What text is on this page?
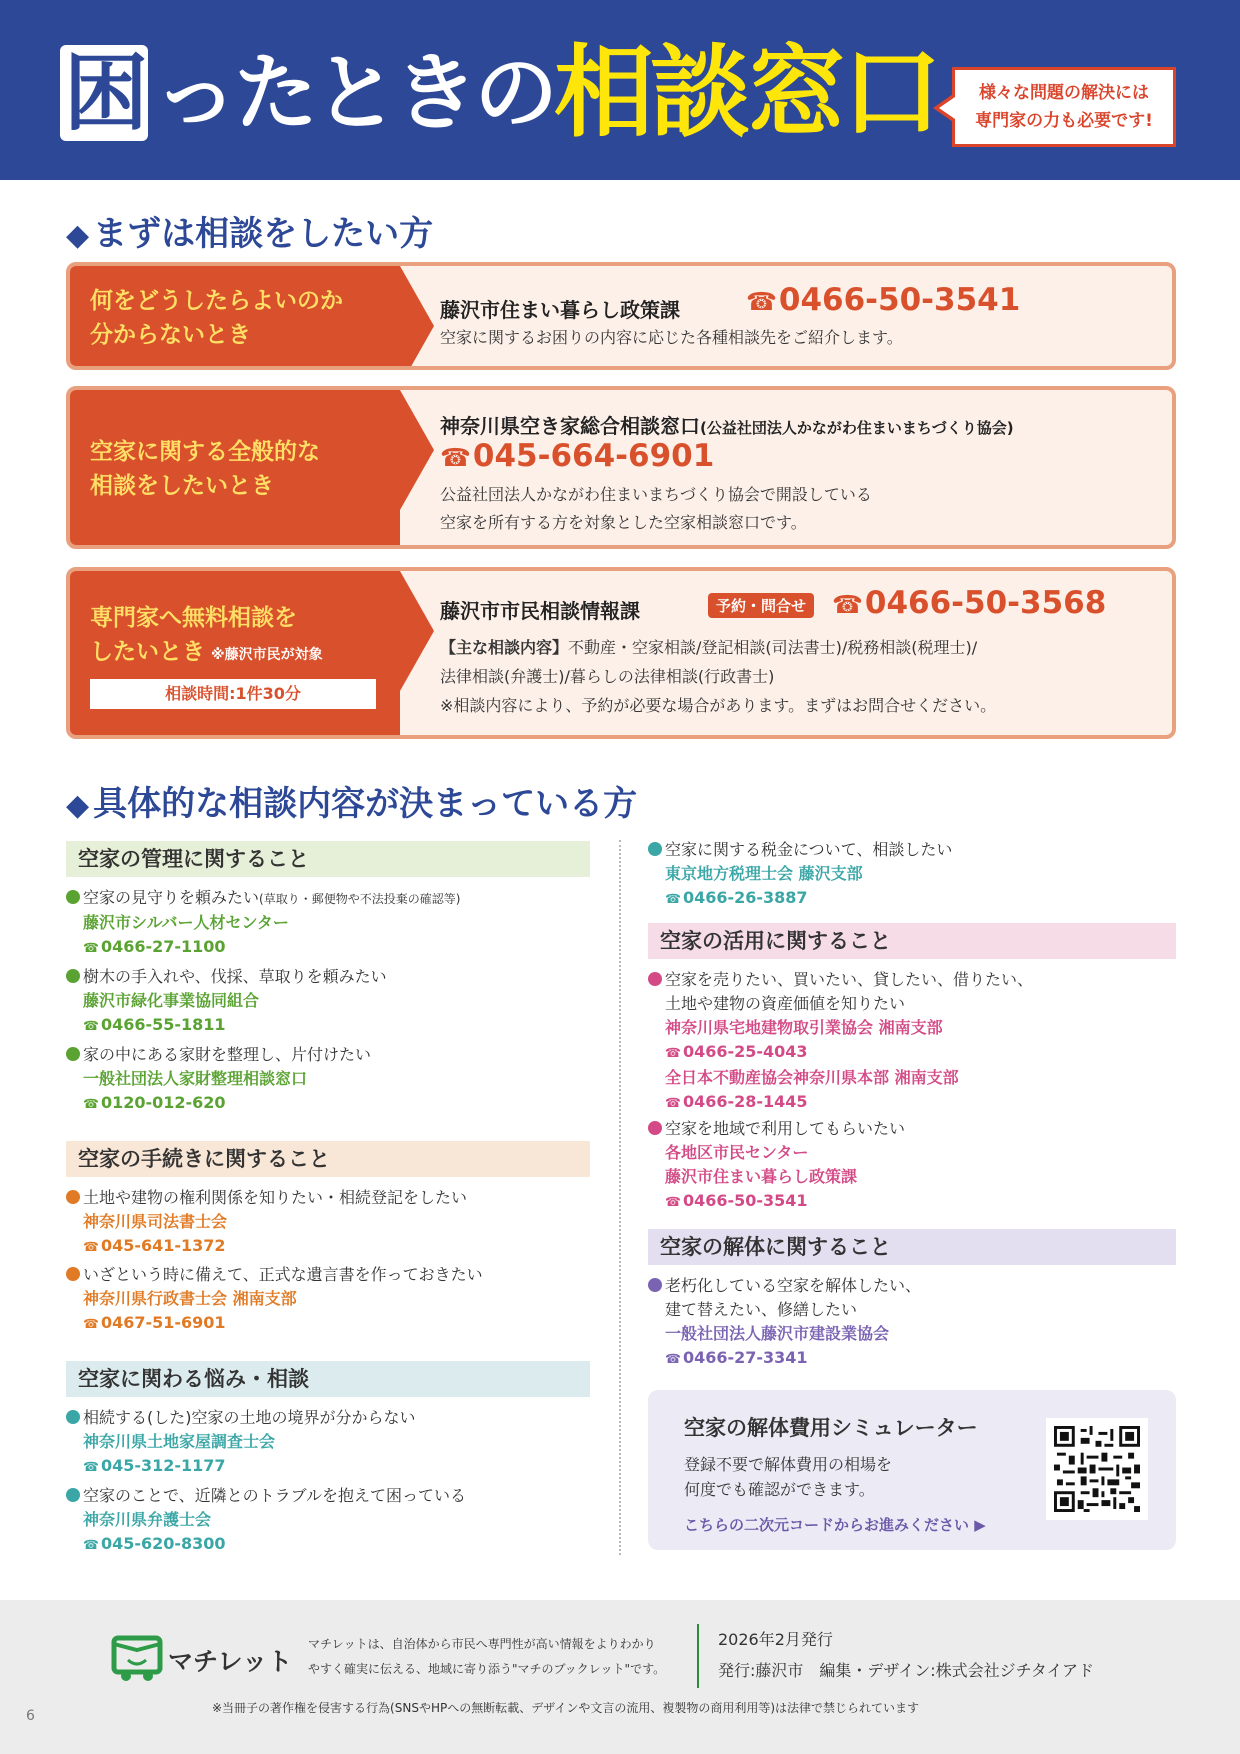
困 $^{ったときの}$相談窓口	様々な問題の解決には
専門家の力も必要です!
◆ まずは相談をしたい方
何をどうしたらよいのか
分からないとき
藤沢市住まい暮らし政策課	☎0466-50-3541
空家に関するお困りの内容に応じた各種相談先をご紹介します。
空家に関する全般的な
相談をしたいとき
神奈川県空き家総合相談窓口(公益社団法人かながわ住まいまちづくり協会)
☎045-664-6901
公益社団法人かながわ住まいまちづくり協会で開設している
空家を所有する方を対象とした空家相談窓口です。
専門家へ無料相談を
したいとき ※藤沢市民が対象
相談時間:1件30分
藤沢市市民相談情報課	予約・問合せ	☎0466-50-3568
【主な相談内容】不動産・空家相談/登記相談(司法書士)/税務相談(税理士)/
法律相談(弁護士)/暮らしの法律相談(行政書士)
※相談内容により、予約が必要な場合があります。まずはお問合せください。
◆ 具体的な相談内容が決まっている方
空家の管理に関すること
空家の見守りを頼みたい(草取り・郵便物や不法投棄の確認等)
藤沢市シルバー人材センター
☎ 0466-27-1100
樹木の手入れや、伐採、草取りを頼みたい
藤沢市緑化事業協同組合
☎ 0466-55-1811
家の中にある家財を整理し、片付けたい
一般社団法人家財整理相談窓口
☎ 0120-012-620
空家の手続きに関すること
土地や建物の権利関係を知りたい・相続登記をしたい
神奈川県司法書士会
☎ 045-641-1372
いざという時に備えて、正式な遺言書を作っておきたい
神奈川県行政書士会 湘南支部
☎ 0467-51-6901
空家に関わる悩み・相談
相続する(した)空家の土地の境界が分からない
神奈川県土地家屋調査士会
☎ 045-312-1177
空家のことで、近隣とのトラブルを抱えて困っている
神奈川県弁護士会
☎ 045-620-8300
空家に関する税金について、相談したい
東京地方税理士会 藤沢支部
☎ 0466-26-3887
空家の活用に関すること
空家を売りたい、買いたい、貸したい、借りたい、
土地や建物の資産価値を知りたい
神奈川県宅地建物取引業協会 湘南支部
☎ 0466-25-4043
全日本不動産協会神奈川県本部 湘南支部
☎ 0466-28-1445
空家を地域で利用してもらいたい
各地区市民センター
藤沢市住まい暮らし政策課
☎ 0466-50-3541
空家の解体に関すること
老朽化している空家を解体したい、
建て替えたい、修繕したい
一般社団法人藤沢市建設業協会
☎ 0466-27-3341
空家の解体費用シミュレーター
登録不要で解体費用の相場を
何度でも確認ができます。
こちらの二次元コードからお進みください ▶
マチレット
マチレットは、自治体から市民へ専門性が高い情報をよりわかり
やすく確実に伝える、地域に寄り添う"マチのブックレット"です。
2026年2月発行
発行:藤沢市　編集・デザイン:株式会社ジチタイアド
※当冊子の著作権を侵害する行為(SNSやHPへの無断転載、デザインや文言の流用、複製物の商用利用等)は法律で禁じられています
6
